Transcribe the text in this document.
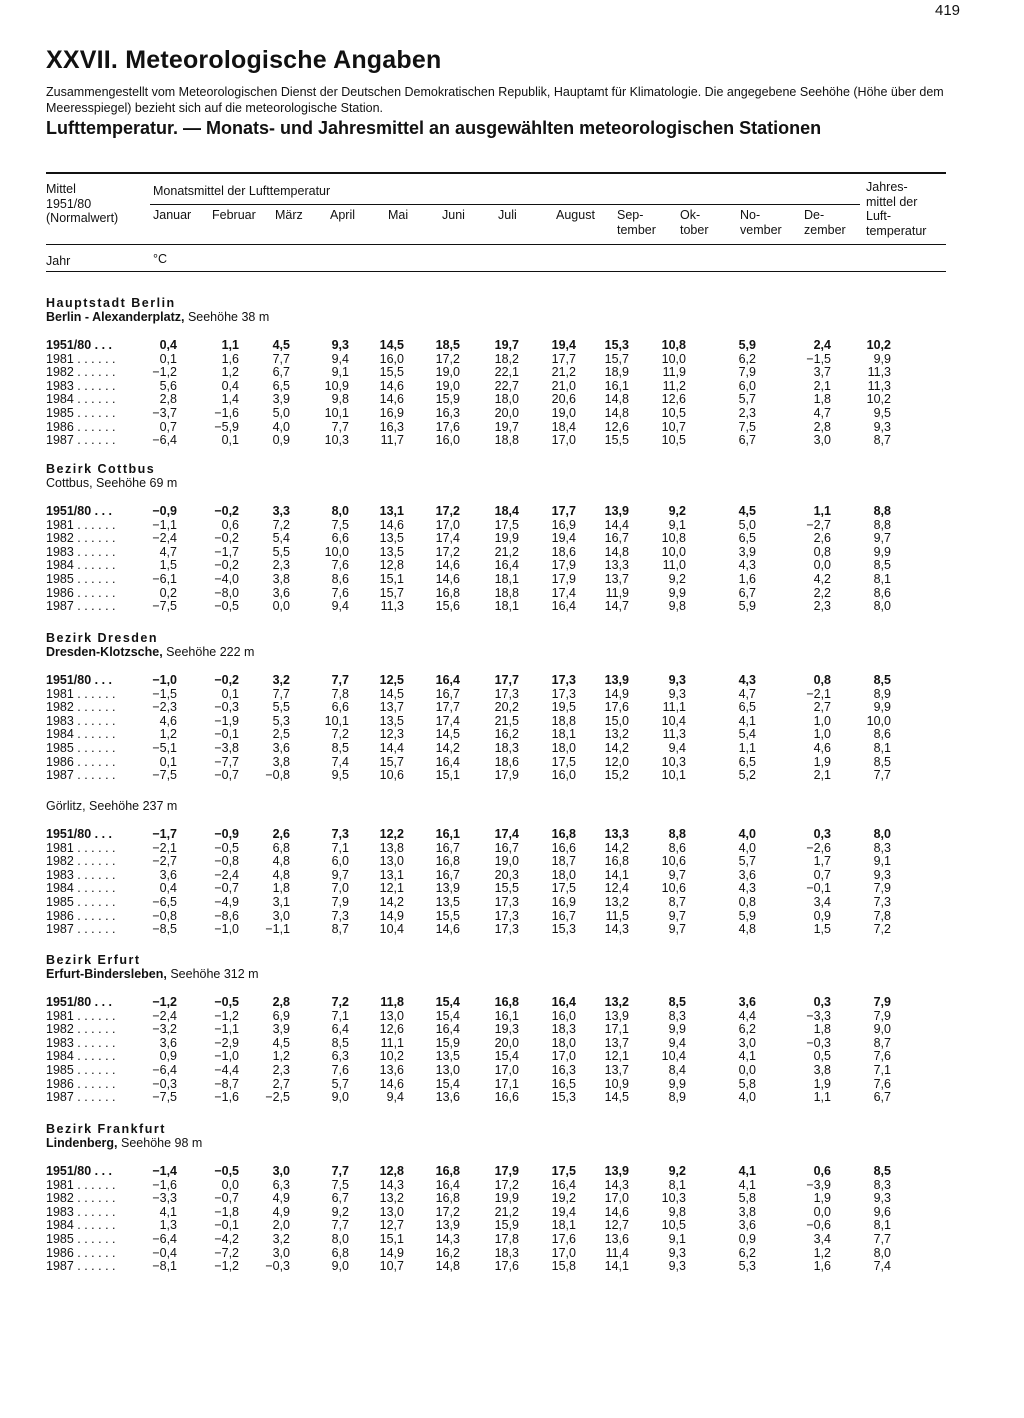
419
XXVII. Meteorologische Angaben
Zusammengestellt vom Meteorologischen Dienst der Deutschen Demokratischen Republik, Hauptamt für Klimatologie. Die angegebene Seehöhe (Höhe über dem Meeresspiegel) bezieht sich auf die meteorologische Station.
Lufttemperatur. — Monats- und Jahresmittel an ausgewählten meteorologischen Stationen
Mittel
1951/80
(Normalwert)
Jahr
Monatsmittel der Lufttemperatur
°C
Jahres-
mittel der
Luft-
temperatur
Januar Februar März April	Mai	Juni	Juli	August Sep-
tember
Ok-
tober
No-
vember
De-
zember
Hauptstadt Berlin
Berlin - Alexanderplatz, Seehöhe 38 m
1951/80 . . .	0,4	1,1	4,5	9,3	14,5	18,5	19,7	19,4	15,3	10,8	5,9	2,4	10,2
1981 . . . . . .	0,1	1,6	7,7	9,4	16,0	17,2	18,2	17,7	15,7	10,0	6,2	−1,5	9,9
1982 . . . . . .	−1,2	1,2	6,7	9,1	15,5	19,0	22,1	21,2	18,9	11,9	7,9	3,7	11,3
1983 . . . . . .	5,6	0,4	6,5	10,9	14,6	19,0	22,7	21,0	16,1	11,2	6,0	2,1	11,3
1984 . . . . . .	2,8	1,4	3,9	9,8	14,6	15,9	18,0	20,6	14,8	12,6	5,7	1,8	10,2
1985 . . . . . .	−3,7	−1,6	5,0	10,1	16,9	16,3	20,0	19,0	14,8	10,5	2,3	4,7	9,5
1986 . . . . . .	0,7	−5,9	4,0	7,7	16,3	17,6	19,7	18,4	12,6	10,7	7,5	2,8	9,3
1987 . . . . . .	−6,4	0,1	0,9	10,3	11,7	16,0	18,8	17,0	15,5	10,5	6,7	3,0	8,7
Bezirk Cottbus
Cottbus, Seehöhe 69 m
1951/80 . . .	−0,9	−0,2	3,3	8,0	13,1	17,2	18,4	17,7	13,9	9,2	4,5	1,1	8,8
1981 . . . . . .	−1,1	0,6	7,2	7,5	14,6	17,0	17,5	16,9	14,4	9,1	5,0	−2,7	8,8
1982 . . . . . .	−2,4	−0,2	5,4	6,6	13,5	17,4	19,9	19,4	16,7	10,8	6,5	2,6	9,7
1983 . . . . . .	4,7	−1,7	5,5	10,0	13,5	17,2	21,2	18,6	14,8	10,0	3,9	0,8	9,9
1984 . . . . . .	1,5	−0,2	2,3	7,6	12,8	14,6	16,4	17,9	13,3	11,0	4,3	0,0	8,5
1985 . . . . . .	−6,1	−4,0	3,8	8,6	15,1	14,6	18,1	17,9	13,7	9,2	1,6	4,2	8,1
1986 . . . . . .	0,2	−8,0	3,6	7,6	15,7	16,8	18,8	17,4	11,9	9,9	6,7	2,2	8,6
1987 . . . . . .	−7,5	−0,5	0,0	9,4	11,3	15,6	18,1	16,4	14,7	9,8	5,9	2,3	8,0
Bezirk Dresden
Dresden-Klotzsche, Seehöhe 222 m
1951/80 . . .	−1,0	−0,2	3,2	7,7	12,5	16,4	17,7	17,3	13,9	9,3	4,3	0,8	8,5
1981 . . . . . .	−1,5	0,1	7,7	7,8	14,5	16,7	17,3	17,3	14,9	9,3	4,7	−2,1	8,9
1982 . . . . . .	−2,3	−0,3	5,5	6,6	13,7	17,7	20,2	19,5	17,6	11,1	6,5	2,7	9,9
1983 . . . . . .	4,6	−1,9	5,3	10,1	13,5	17,4	21,5	18,8	15,0	10,4	4,1	1,0	10,0
1984 . . . . . .	1,2	−0,1	2,5	7,2	12,3	14,5	16,2	18,1	13,2	11,3	5,4	1,0	8,6
1985 . . . . . .	−5,1	−3,8	3,6	8,5	14,4	14,2	18,3	18,0	14,2	9,4	1,1	4,6	8,1
1986 . . . . . .	0,1	−7,7	3,8	7,4	15,7	16,4	18,6	17,5	12,0	10,3	6,5	1,9	8,5
1987 . . . . . .	−7,5	−0,7	−0,8	9,5	10,6	15,1	17,9	16,0	15,2	10,1	5,2	2,1	7,7
Görlitz, Seehöhe 237 m
1951/80 . . .	−1,7	−0,9	2,6	7,3	12,2	16,1	17,4	16,8	13,3	8,8	4,0	0,3	8,0
1981 . . . . . .	−2,1	−0,5	6,8	7,1	13,8	16,7	16,7	16,6	14,2	8,6	4,0	−2,6	8,3
1982 . . . . . .	−2,7	−0,8	4,8	6,0	13,0	16,8	19,0	18,7	16,8	10,6	5,7	1,7	9,1
1983 . . . . . .	3,6	−2,4	4,8	9,7	13,1	16,7	20,3	18,0	14,1	9,7	3,6	0,7	9,3
1984 . . . . . .	0,4	−0,7	1,8	7,0	12,1	13,9	15,5	17,5	12,4	10,6	4,3	−0,1	7,9
1985 . . . . . .	−6,5	−4,9	3,1	7,9	14,2	13,5	17,3	16,9	13,2	8,7	0,8	3,4	7,3
1986 . . . . . .	−0,8	−8,6	3,0	7,3	14,9	15,5	17,3	16,7	11,5	9,7	5,9	0,9	7,8
1987 . . . . . .	−8,5	−1,0	−1,1	8,7	10,4	14,6	17,3	15,3	14,3	9,7	4,8	1,5	7,2
Bezirk Erfurt
Erfurt-Bindersleben, Seehöhe 312 m
1951/80 . . .	−1,2	−0,5	2,8	7,2	11,8	15,4	16,8	16,4	13,2	8,5	3,6	0,3	7,9
1981 . . . . . .	−2,4	−1,2	6,9	7,1	13,0	15,4	16,1	16,0	13,9	8,3	4,4	−3,3	7,9
1982 . . . . . .	−3,2	−1,1	3,9	6,4	12,6	16,4	19,3	18,3	17,1	9,9	6,2	1,8	9,0
1983 . . . . . .	3,6	−2,9	4,5	8,5	11,1	15,9	20,0	18,0	13,7	9,4	3,0	−0,3	8,7
1984 . . . . . .	0,9	−1,0	1,2	6,3	10,2	13,5	15,4	17,0	12,1	10,4	4,1	0,5	7,6
1985 . . . . . .	−6,4	−4,4	2,3	7,6	13,6	13,0	17,0	16,3	13,7	8,4	0,0	3,8	7,1
1986 . . . . . .	−0,3	−8,7	2,7	5,7	14,6	15,4	17,1	16,5	10,9	9,9	5,8	1,9	7,6
1987 . . . . . .	−7,5	−1,6	−2,5	9,0	9,4	13,6	16,6	15,3	14,5	8,9	4,0	1,1	6,7
Bezirk Frankfurt
Lindenberg, Seehöhe 98 m
1951/80 . . .	−1,4	−0,5	3,0	7,7	12,8	16,8	17,9	17,5	13,9	9,2	4,1	0,6	8,5
1981 . . . . . .	−1,6	0,0	6,3	7,5	14,3	16,4	17,2	16,4	14,3	8,1	4,1	−3,9	8,3
1982 . . . . . .	−3,3	−0,7	4,9	6,7	13,2	16,8	19,9	19,2	17,0	10,3	5,8	1,9	9,3
1983 . . . . . .	4,1	−1,8	4,9	9,2	13,0	17,2	21,2	19,4	14,6	9,8	3,8	0,0	9,6
1984 . . . . . .	1,3	−0,1	2,0	7,7	12,7	13,9	15,9	18,1	12,7	10,5	3,6	−0,6	8,1
1985 . . . . . .	−6,4	−4,2	3,2	8,0	15,1	14,3	17,8	17,6	13,6	9,1	0,9	3,4	7,7
1986 . . . . . .	−0,4	−7,2	3,0	6,8	14,9	16,2	18,3	17,0	11,4	9,3	6,2	1,2	8,0
1987 . . . . . .	−8,1	−1,2	−0,3	9,0	10,7	14,8	17,6	15,8	14,1	9,3	5,3	1,6	7,4
